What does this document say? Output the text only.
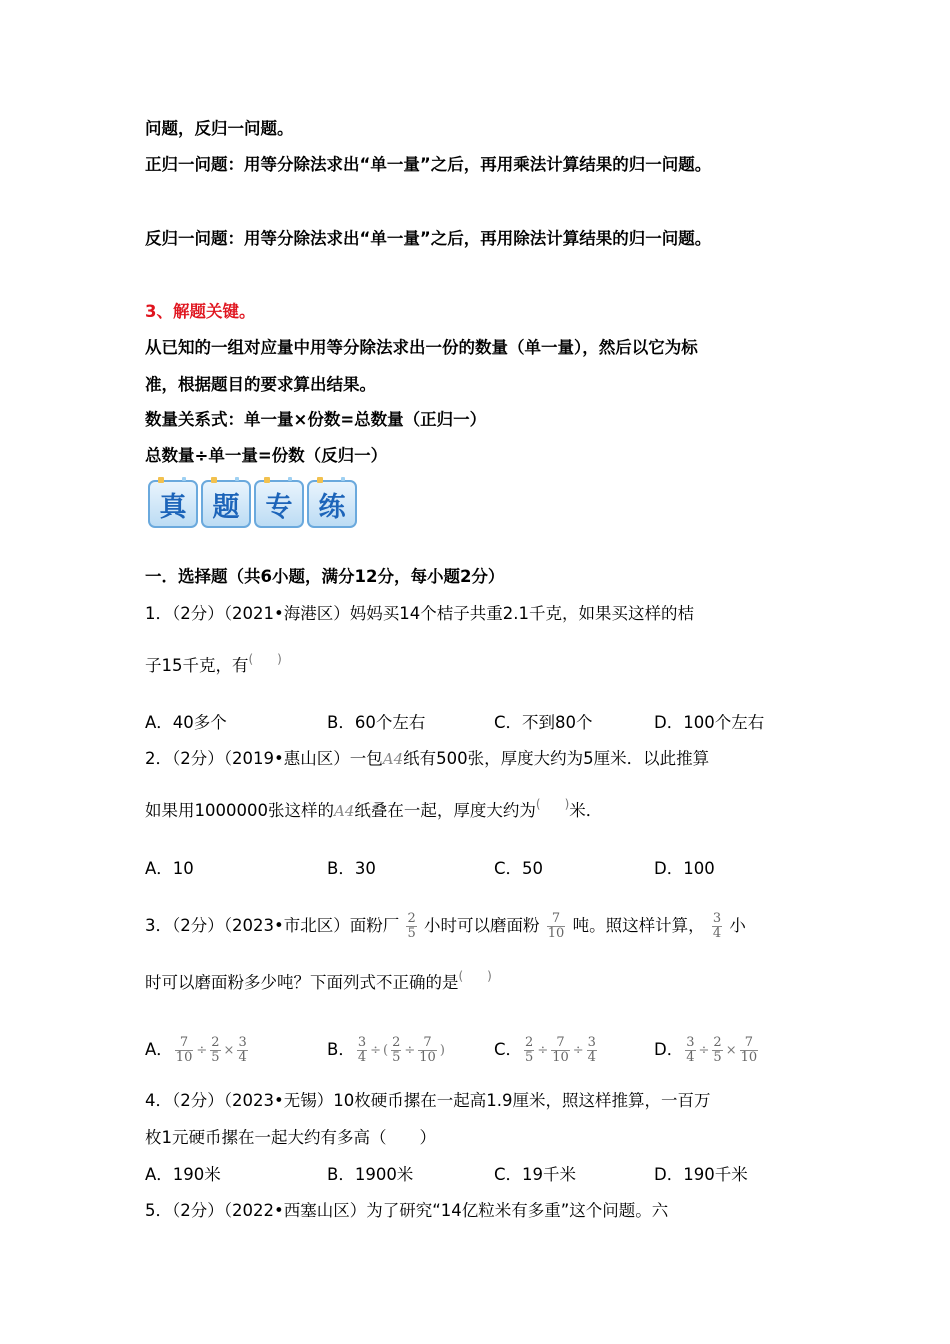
问题，反归一问题。
正归一问题：用等分除法求出“单一量”之后，再用乘法计算结果的归一问题。
反归一问题：用等分除法求出“单一量”之后，再用除法计算结果的归一问题。
3、解题关键。
从已知的一组对应量中用等分除法求出一份的数量（单一量），然后以它为标
准，根据题目的要求算出结果。
数量关系式：单一量×份数=总数量（正归一）
总数量÷单一量=份数（反归一）
真 题 专 练
一．选择题（共6小题，满分12分，每小题2分）
1．（2分）（2021•海港区）妈妈买14个桔子共重2.1千克，如果买这样的桔
子15千克，有(　　)
A．40多个	B．60个左右	C．不到80个	D．100个左右
2．（2分）（2019•惠山区）一包A4纸有500张，厚度大约为5厘米．以此推算
如果用1000000张这样的A4纸叠在一起，厚度大约为(　　)米．
A．10	B．30	C．50	D．100
3．（2分）（2023•市北区）面粉厂 $\frac{2}{5}$ 小时可以磨面粉 $\frac{7}{10}$ 吨。照这样计算， $\frac{3}{4}$ 小
时可以磨面粉多少吨？下面列式不正确的是(　　)
A． $\frac{7}{10} \div \frac{2}{5} \times \frac{3}{4}$	B． $\frac{3}{4}$ ÷ ( $\frac{2}{5} \div \frac{7}{10}$ )	C． $\frac{2}{5} \div \frac{7}{10} \div \frac{3}{4}$	D． $\frac{3}{4} \div \frac{2}{5} \times \frac{7}{10}$
4．（2分）（2023•无锡）10枚硬币摞在一起高1.9厘米，照这样推算，一百万
枚1元硬币摞在一起大约有多高（　　）
A．190米	B．1900米	C．19千米	D．190千米
5．（2分）（2022•西塞山区）为了研究“14亿粒米有多重”这个问题。六
